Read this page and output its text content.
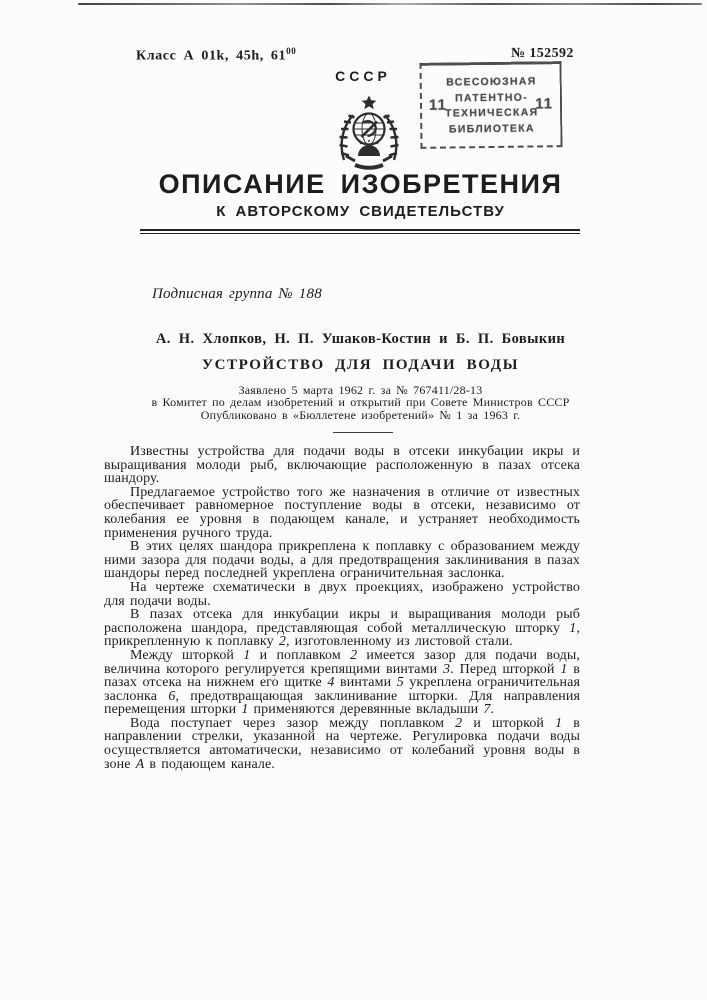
Класс А 01k, 45h, $61^{00}$	№ 152592
СССР
11
ВСЕСОЮЗНАЯ
ПАТЕНТНО-
ТЕХНИЧЕСКАЯ
БИБЛИОТЕКА
11
ОПИСАНИЕ ИЗОБРЕТЕНИЯ
К АВТОРСКОМУ СВИДЕТЕЛЬСТВУ
Подписная группа № 188
А. Н. Хлопков, Н. П. Ушаков-Костин и Б. П. Бовыкин
УСТРОЙСТВО ДЛЯ ПОДАЧИ ВОДЫ
Заявлено 5 марта 1962 г. за № 767411/28-13
в Комитет по делам изобретений и открытий при Совете Министров СССР
Опубликовано в «Бюллетене изобретений» № 1 за 1963 г.

Известны устройства для подачи воды в отсеки инкубации икры и выращивания молоди рыб, включающие расположенную в пазах отсека шандору.

Предлагаемое устройство того же назначения в отличие от известных обеспечивает равномерное поступление воды в отсеки, независимо от колебания ее уровня в подающем канале, и устраняет необходимость применения ручного труда.

В этих целях шандора прикреплена к поплавку с образованием между ними зазора для подачи воды, а для предотвращения заклинивания в пазах шандоры перед последней укреплена ограничительная заслонка.

На чертеже схематически в двух проекциях, изображено устройство для подачи воды.

В пазах отсека для инкубации икры и выращивания молоди рыб расположена шандора, представляющая собой металлическую шторку 1, прикрепленную к поплавку 2, изготовленному из листовой стали.

Между шторкой 1 и поплавком 2 имеется зазор для подачи воды, величина которого регулируется крепящими винтами 3. Перед шторкой 1 в пазах отсека на нижнем его щитке 4 винтами 5 укреплена ограничительная заслонка 6, предотвращающая заклинивание шторки. Для направления перемещения шторки 1 применяются деревянные вкладыши 7.

Вода поступает через зазор между поплавком 2 и шторкой 1 в направлении стрелки, указанной на чертеже. Регулировка подачи воды осуществляется автоматически, независимо от колебаний уровня воды в зоне А в подающем канале.
